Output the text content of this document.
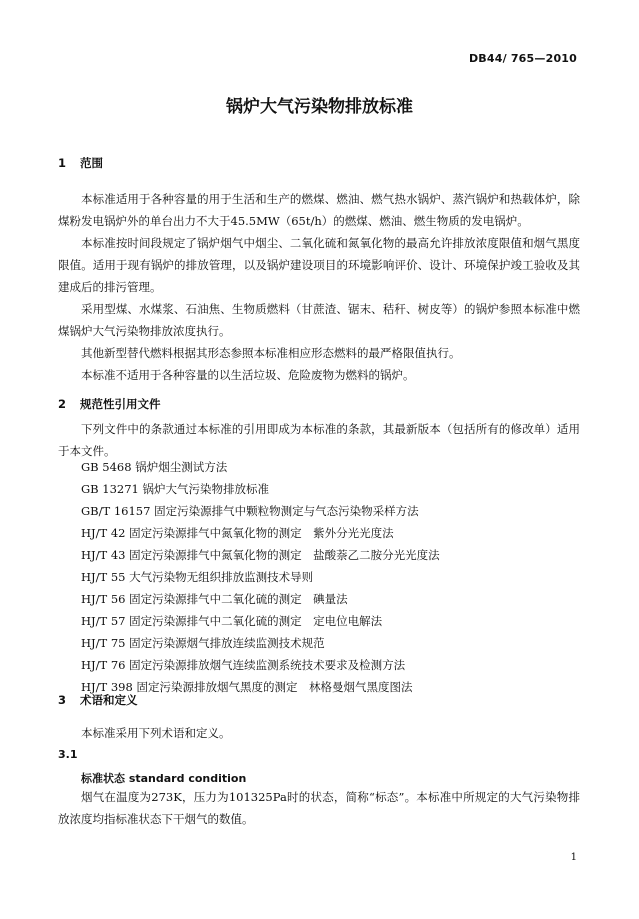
DB44/ 765—2010
锅炉大气污染物排放标准
1 范围

本标准适用于各种容量的用于生活和生产的燃煤、燃油、燃气热水锅炉、蒸汽锅炉和热载体炉，除煤粉发电锅炉外的单台出力不大于45.5MW（65t/h）的燃煤、燃油、燃生物质的发电锅炉。

本标准按时间段规定了锅炉烟气中烟尘、二氧化硫和氮氧化物的最高允许排放浓度限值和烟气黑度限值。适用于现有锅炉的排放管理，以及锅炉建设项目的环境影响评价、设计、环境保护竣工验收及其建成后的排污管理。

采用型煤、水煤浆、石油焦、生物质燃料（甘蔗渣、锯末、秸秆、树皮等）的锅炉参照本标准中燃煤锅炉大气污染物排放浓度执行。

其他新型替代燃料根据其形态参照本标准相应形态燃料的最严格限值执行。

本标准不适用于各种容量的以生活垃圾、危险废物为燃料的锅炉。

2 规范性引用文件

下列文件中的条款通过本标准的引用即成为本标准的条款，其最新版本（包括所有的修改单）适用于本文件。

GB 5468 锅炉烟尘测试方法
GB 13271 锅炉大气污染物排放标准
GB/T 16157 固定污染源排气中颗粒物测定与气态污染物采样方法
HJ/T 42 固定污染源排气中氮氧化物的测定　紫外分光光度法
HJ/T 43 固定污染源排气中氮氧化物的测定　盐酸萘乙二胺分光光度法
HJ/T 55 大气污染物无组织排放监测技术导则
HJ/T 56 固定污染源排气中二氧化硫的测定　碘量法
HJ/T 57 固定污染源排气中二氧化硫的测定　定电位电解法
HJ/T 75 固定污染源烟气排放连续监测技术规范
HJ/T 76 固定污染源排放烟气连续监测系统技术要求及检测方法
HJ/T 398 固定污染源排放烟气黑度的测定　林格曼烟气黑度图法
3 术语和定义

本标准采用下列术语和定义。

3.1
标准状态 standard condition

烟气在温度为273K，压力为101325Pa时的状态，简称“标态”。本标准中所规定的大气污染物排放浓度均指标准状态下干烟气的数值。

1
